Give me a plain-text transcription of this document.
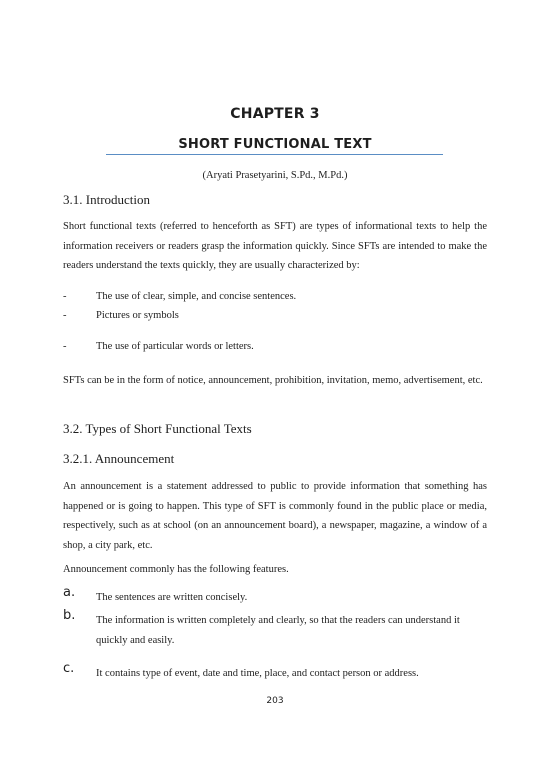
CHAPTER 3
SHORT FUNCTIONAL TEXT
(Aryati Prasetyarini, S.Pd., M.Pd.)
3.1. Introduction
Short functional texts (referred to henceforth as SFT) are types of informational texts to help the information receivers or readers grasp the information quickly. Since SFTs are intended to make the readers understand the texts quickly, they are usually characterized by:
-	The use of clear, simple, and concise sentences.
-	Pictures or symbols
-	The use of particular words or letters.
SFTs can be in the form of notice, announcement, prohibition, invitation, memo, advertisement, etc.
3.2. Types of Short Functional Texts
3.2.1. Announcement
An announcement is a statement addressed to public to provide information that something has happened or is going to happen. This type of SFT is commonly found in the public place or media, respectively, such as at school (on an announcement board), a newspaper, magazine, a window of a shop, a city park, etc.
Announcement commonly has the following features.
a. The sentences are written concisely.
b. The information is written completely and clearly, so that the readers can understand it quickly and easily.
c. It contains type of event, date and time, place, and contact person or address.
203
